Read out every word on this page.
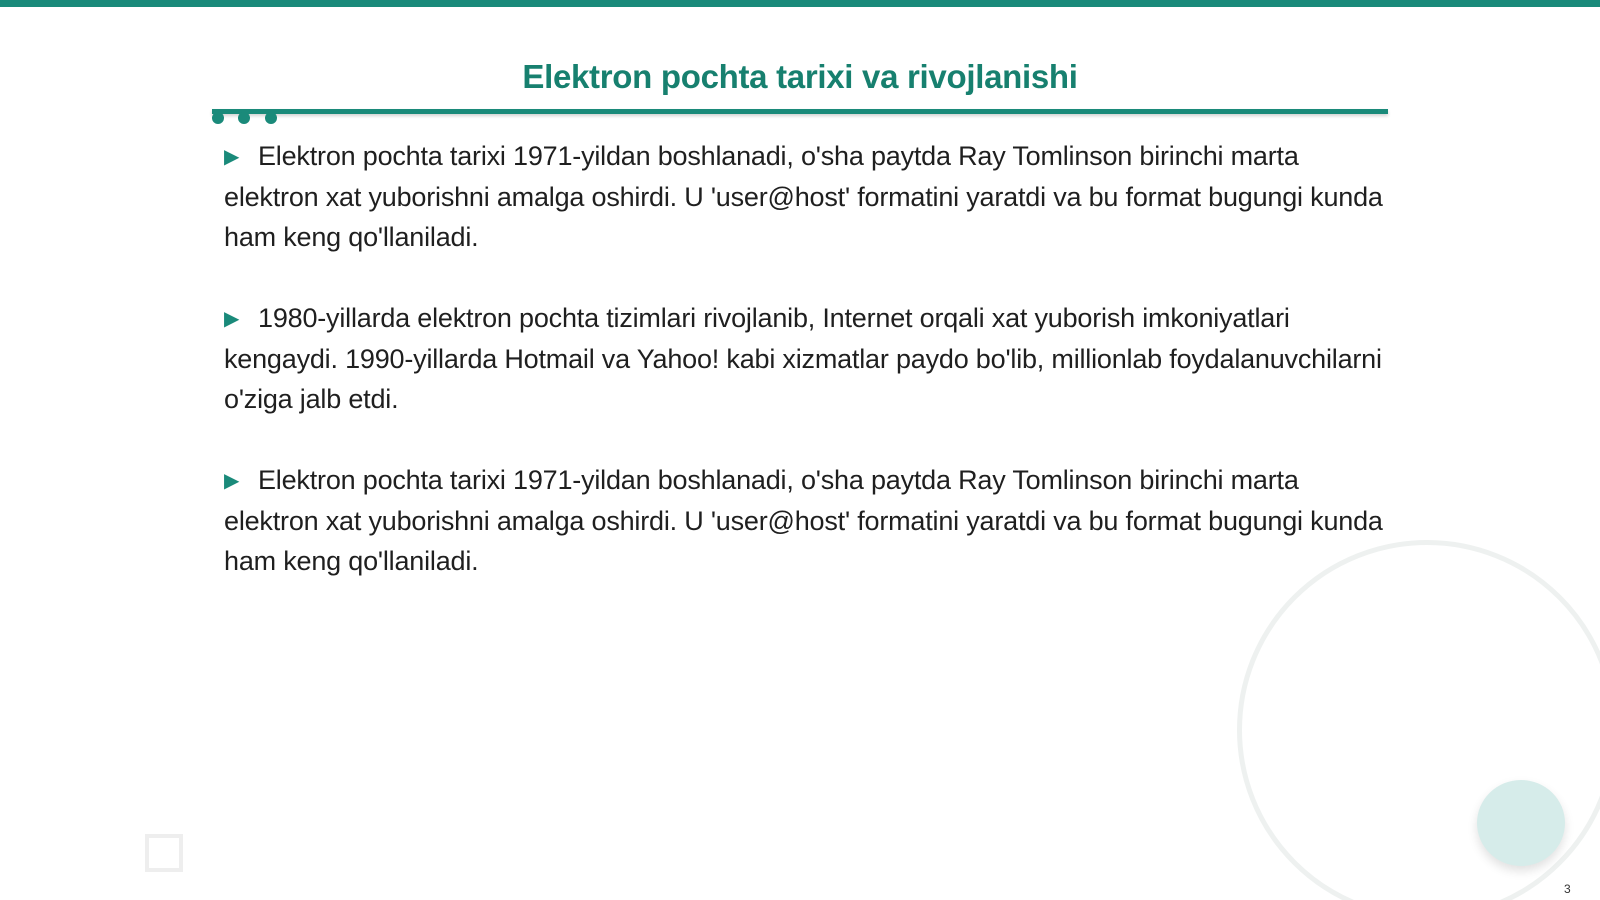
Elektron pochta tarixi va rivojlanishi

▶ Elektron pochta tarixi 1971-yildan boshlanadi, o'sha paytda Ray Tomlinson birinchi marta elektron xat yuborishni amalga oshirdi. U 'user@host' formatini yaratdi va bu format bugungi kunda ham keng qo'llaniladi.

▶ 1980-yillarda elektron pochta tizimlari rivojlanib, Internet orqali xat yuborish imkoniyatlari kengaydi. 1990-yillarda Hotmail va Yahoo! kabi xizmatlar paydo bo'lib, millionlab foydalanuvchilarni o'ziga jalb etdi.

▶ Elektron pochta tarixi 1971-yildan boshlanadi, o'sha paytda Ray Tomlinson birinchi marta elektron xat yuborishni amalga oshirdi. U 'user@host' formatini yaratdi va bu format bugungi kunda ham keng qo'llaniladi.

3
